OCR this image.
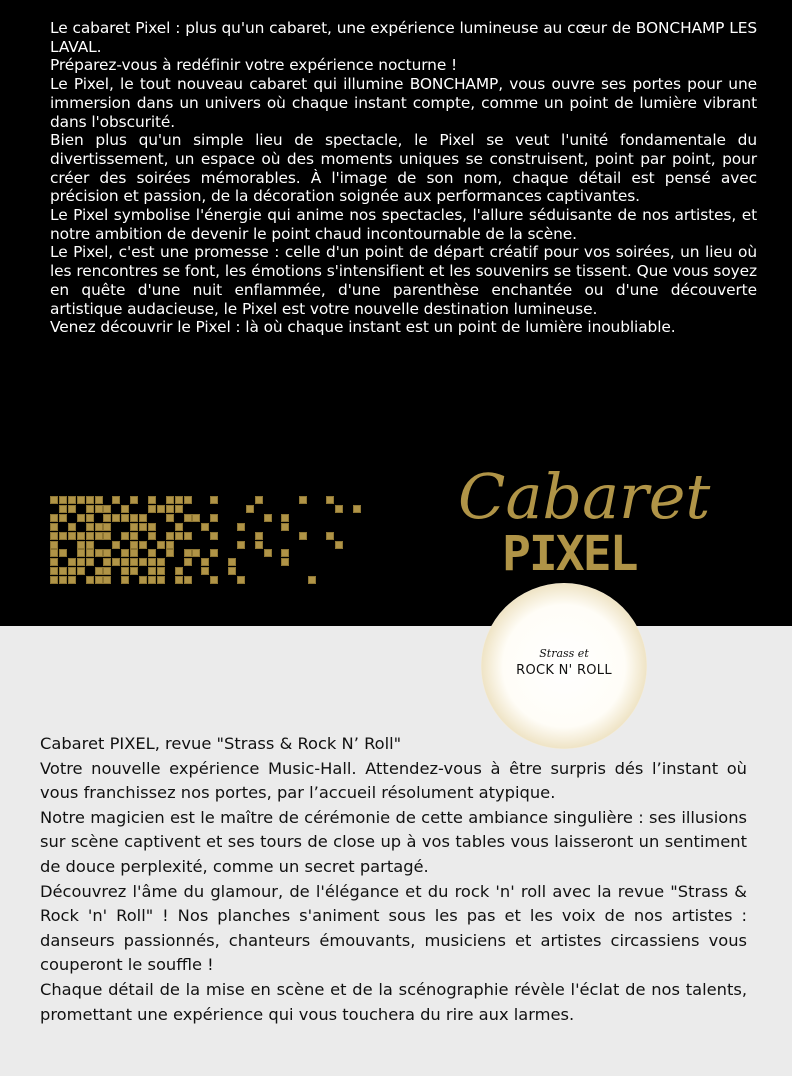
Le cabaret Pixel : plus qu'un cabaret, une expérience lumineuse au cœur de BONCHAMP LES LAVAL.

Préparez-vous à redéfinir votre expérience nocturne !

Le Pixel, le tout nouveau cabaret qui illumine BONCHAMP, vous ouvre ses portes pour une immersion dans un univers où chaque instant compte, comme un point de lumière vibrant dans l'obscurité.

Bien plus qu'un simple lieu de spectacle, le Pixel se veut l'unité fondamentale du divertissement, un espace où des moments uniques se construisent, point par point, pour créer des soirées mémorables. À l'image de son nom, chaque détail est pensé avec précision et passion, de la décoration soignée aux performances captivantes.

Le Pixel symbolise l'énergie qui anime nos spectacles, l'allure séduisante de nos artistes, et notre ambition de devenir le point chaud incontournable de la scène.

Le Pixel, c'est une promesse : celle d'un point de départ créatif pour vos soirées, un lieu où les rencontres se font, les émotions s'intensifient et les souvenirs se tissent. Que vous soyez en quête d'une nuit enflammée, d'une parenthèse enchantée ou d'une découverte artistique audacieuse, le Pixel est votre nouvelle destination lumineuse.

Venez découvrir le Pixel : là où chaque instant est un point de lumière inoubliable.

Cabaret
PIXEL
Strass et
ROCK N' ROLL

Cabaret PIXEL, revue "Strass & Rock N’ Roll"

Votre nouvelle expérience Music-Hall. Attendez-vous à être surpris dés l’instant où vous franchissez nos portes, par l’accueil résolument atypique.

Notre magicien est le maître de cérémonie de cette ambiance singulière : ses illusions sur scène captivent et ses tours de close up à vos tables vous laisseront un sentiment de douce perplexité, comme un secret partagé.

Découvrez l'âme du glamour, de l'élégance et du rock 'n' roll avec la revue "Strass & Rock 'n' Roll" ! Nos planches s'animent sous les pas et les voix de nos artistes : danseurs passionnés, chanteurs émouvants, musiciens et artistes circassiens vous couperont le souffle !

Chaque détail de la mise en scène et de la scénographie révèle l'éclat de nos talents, promettant une expérience qui vous touchera du rire aux larmes.
